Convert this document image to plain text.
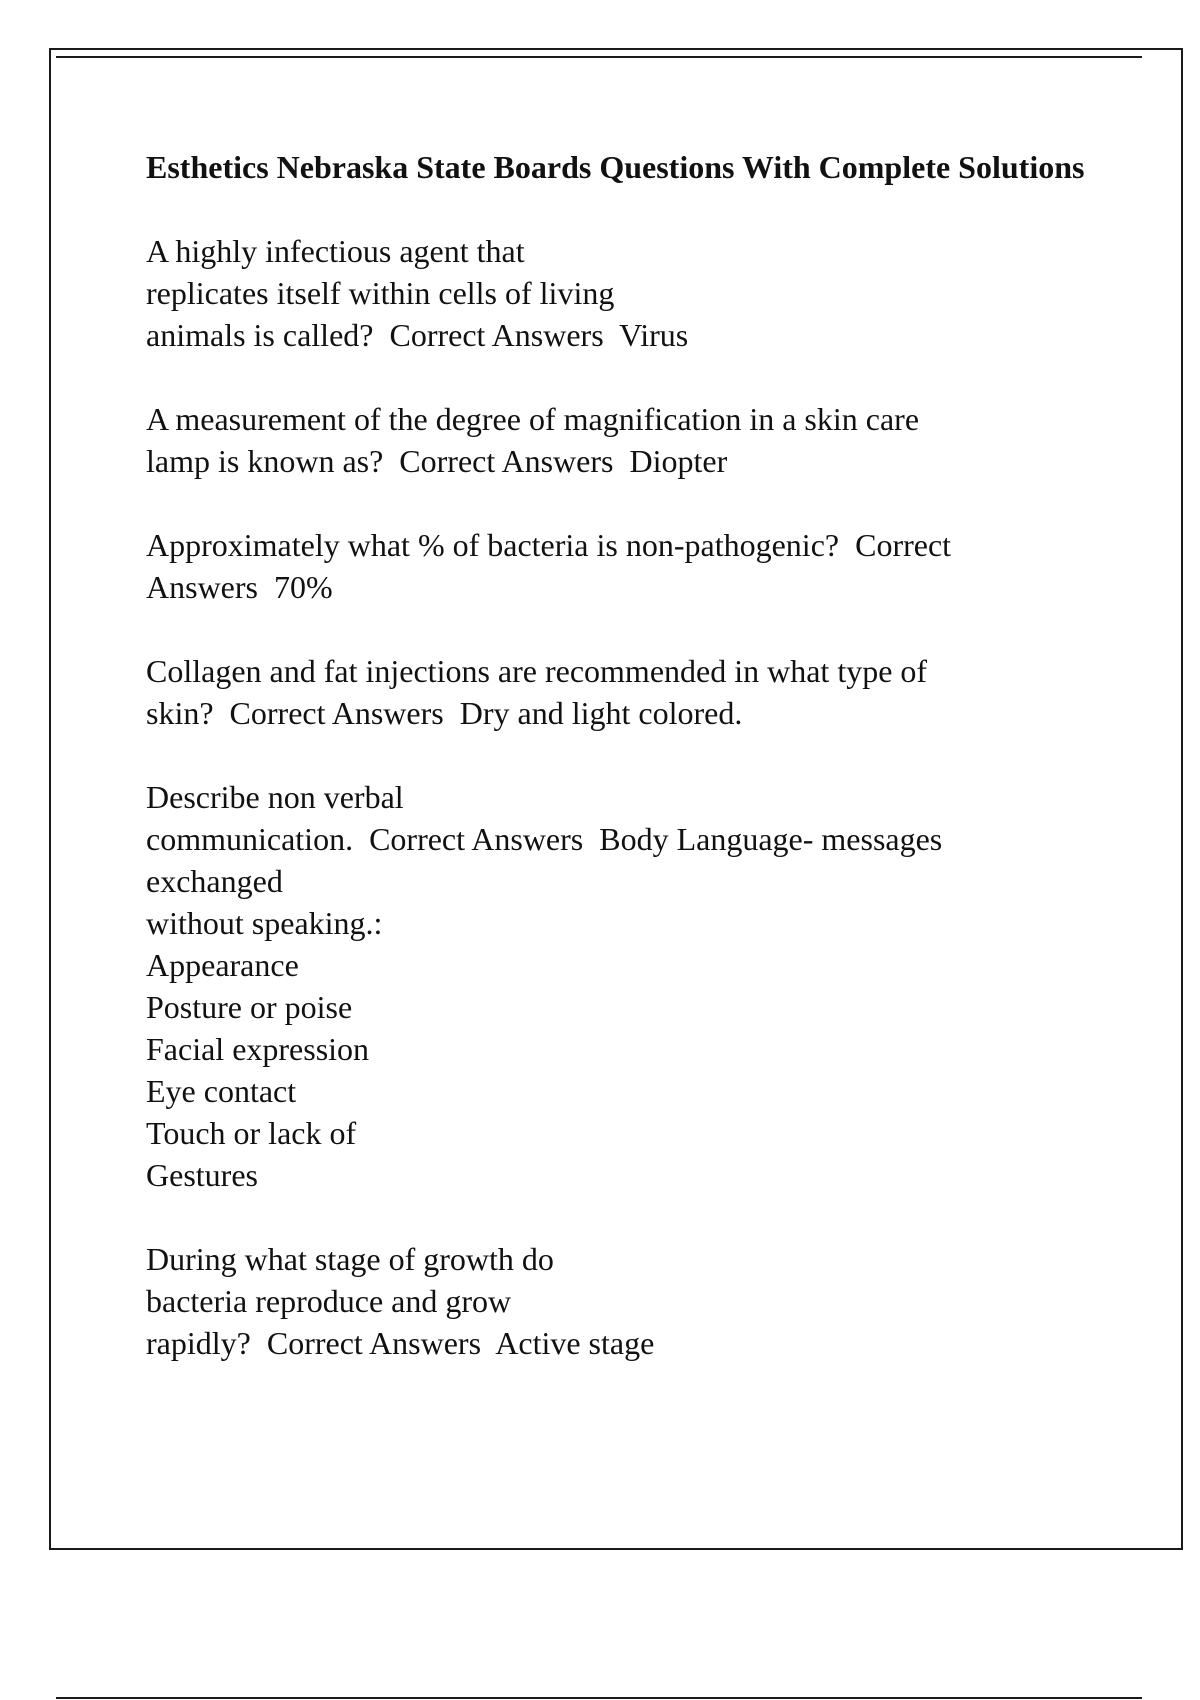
Esthetics Nebraska State Boards Questions With Complete Solutions
A highly infectious agent that
replicates itself within cells of living
animals is called?  Correct Answers  Virus
A measurement of the degree of magnification in a skin care
lamp is known as?  Correct Answers  Diopter
Approximately what % of bacteria is non-pathogenic?  Correct
Answers  70%
Collagen and fat injections are recommended in what type of
skin?  Correct Answers  Dry and light colored.
Describe non verbal
communication.  Correct Answers  Body Language- messages
exchanged
without speaking.:
Appearance
Posture or poise
Facial expression
Eye contact
Touch or lack of
Gestures
During what stage of growth do
bacteria reproduce and grow
rapidly?  Correct Answers  Active stage
